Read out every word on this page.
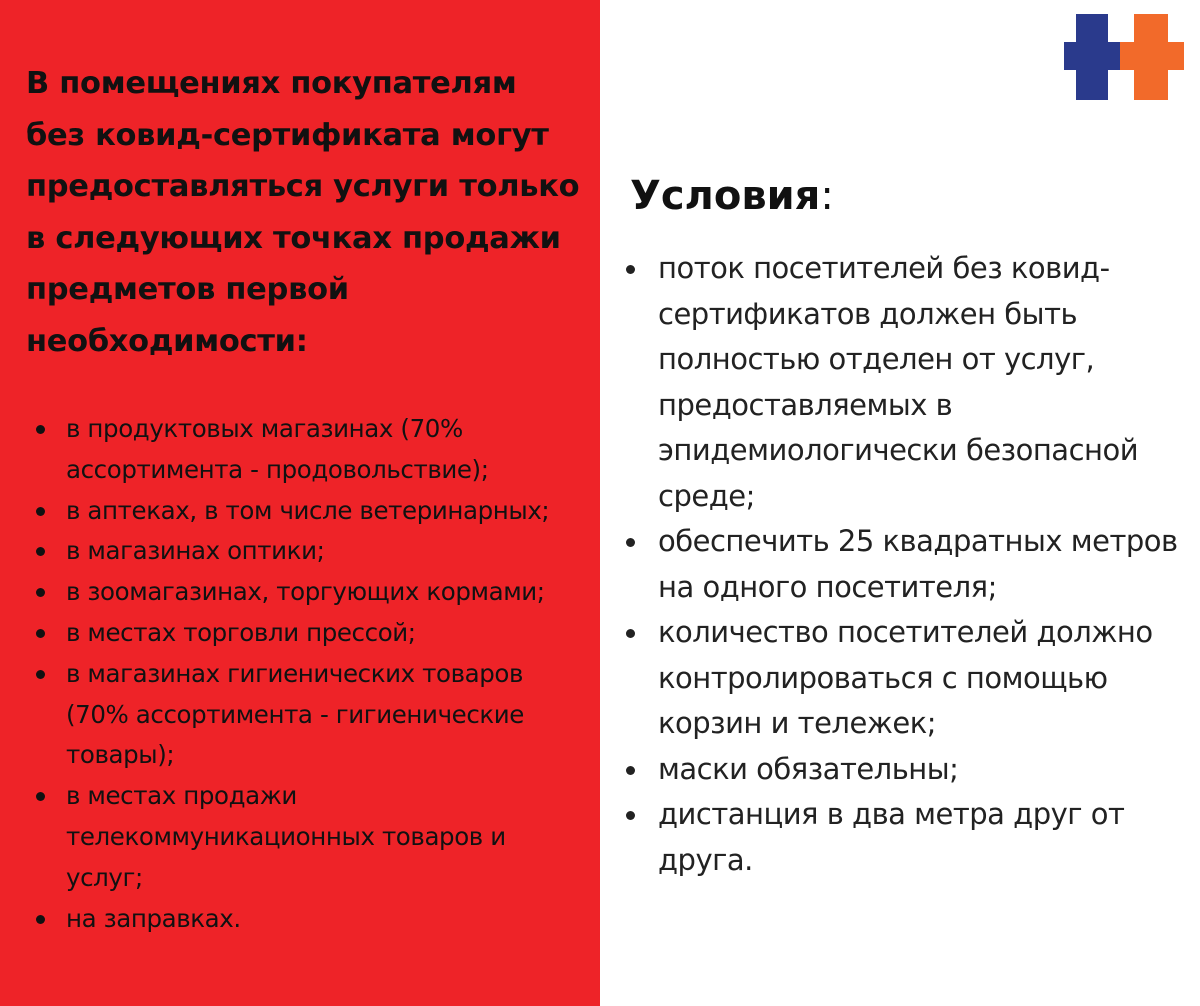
В помещениях покупателям без ковид-сертификата могут предоставляться услуги только в следующих точках продажи предметов первой необходимости:
в продуктовых магазинах (70% ассортимента - продовольствие);
в аптеках, в том числе ветеринарных;
в магазинах оптики;
в зоомагазинах, торгующих кормами;
в местах торговли прессой;
в магазинах гигиенических товаров (70% ассортимента - гигиенические товары);
в местах продажи телекоммуникационных товаров и услуг;
на заправках.
Условия:
поток посетителей без ковид-сертификатов должен быть полностью отделен от услуг, предоставляемых в эпидемиологически безопасной среде;
обеспечить 25 квадратных метров на одного посетителя;
количество посетителей должно контролироваться с помощью корзин и тележек;
маски обязательны;
дистанция в два метра друг от друга.
